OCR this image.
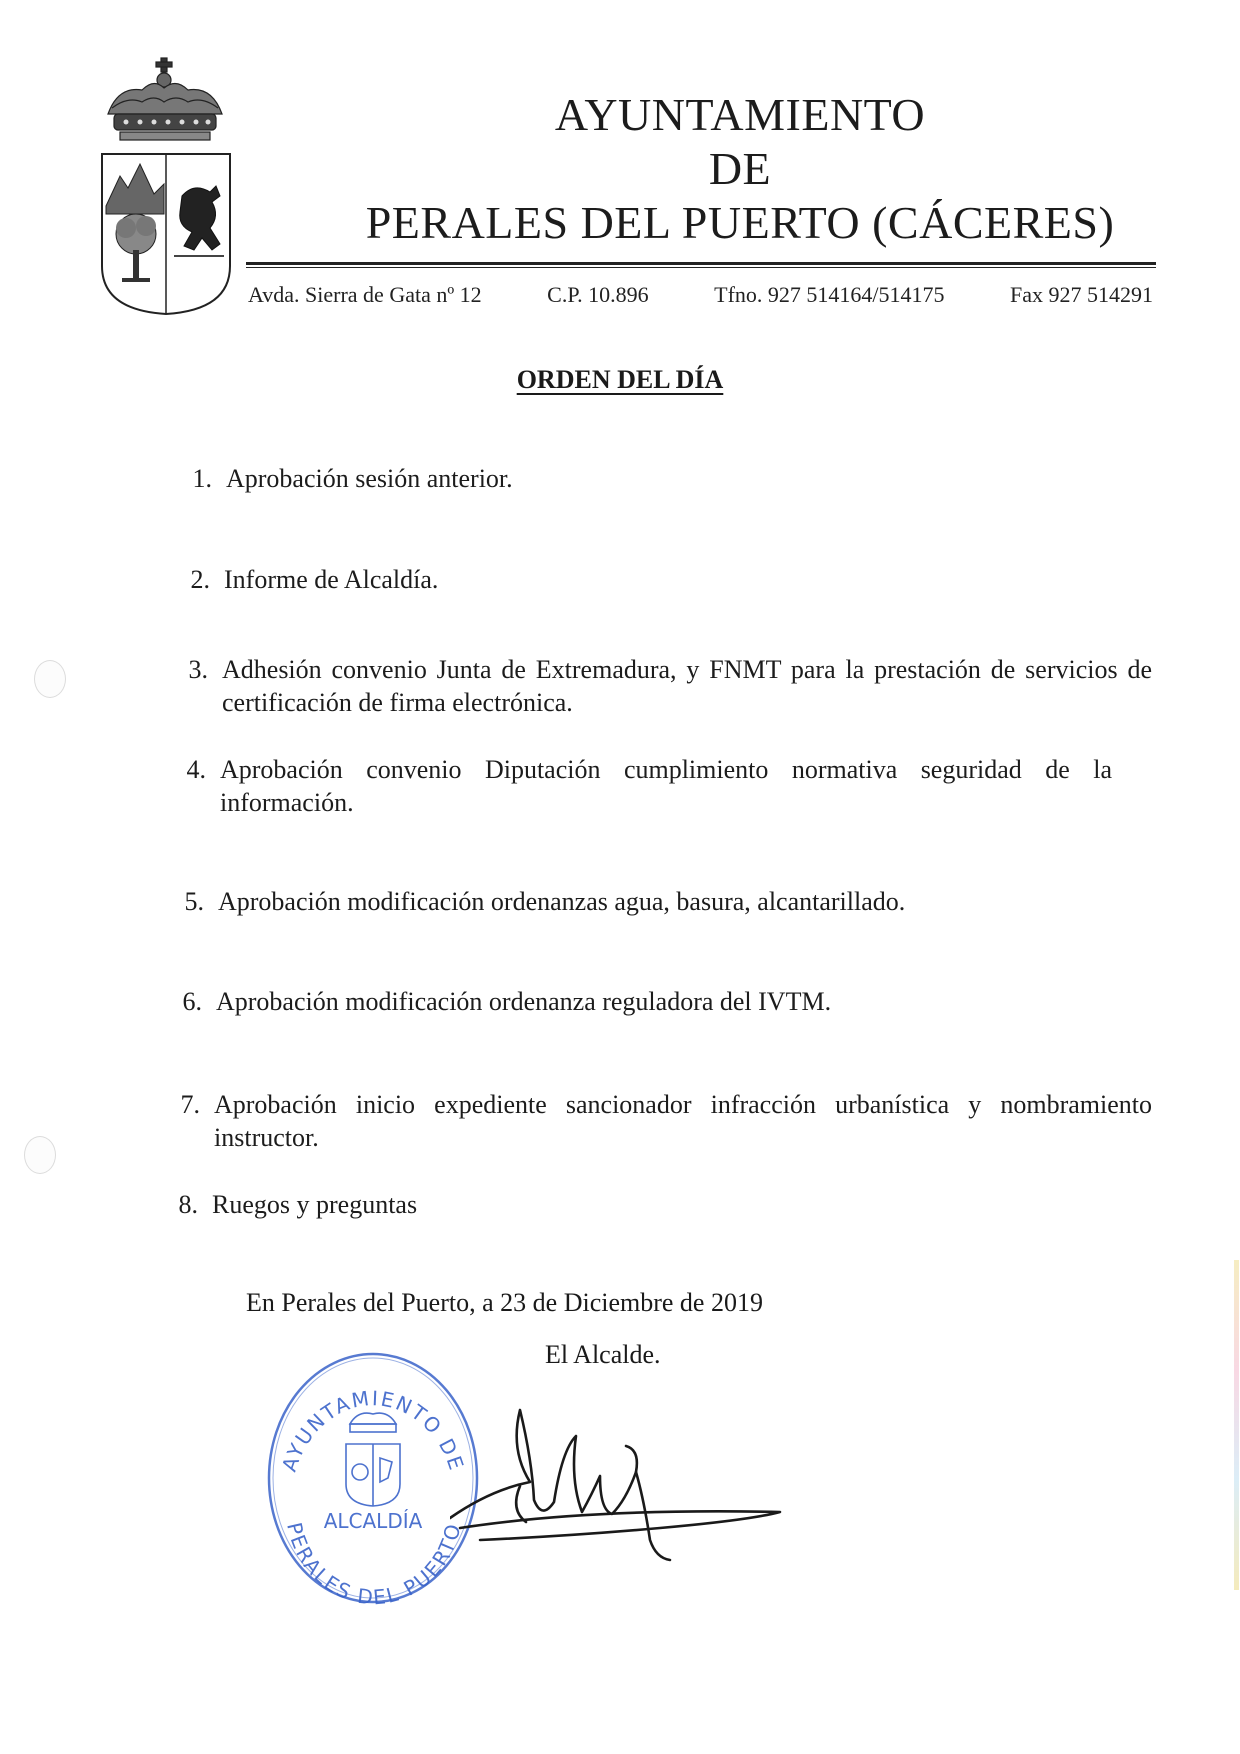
AYUNTAMIENTO
DE
PERALES DEL PUERTO (CÁCERES)
Avda. Sierra de Gata nº 12	C.P. 10.896	Tfno. 927 514164/514175	Fax 927 514291
ORDEN DEL DÍA
1. Aprobación sesión anterior.
2. Informe de Alcaldía.
3. Adhesión convenio Junta de Extremadura, y FNMT para la prestación de servicios de certificación de firma electrónica.
4. Aprobación convenio Diputación cumplimiento normativa seguridad de la información.
5. Aprobación modificación ordenanzas agua, basura, alcantarillado.
6. Aprobación modificación ordenanza reguladora del IVTM.
7. Aprobación inicio expediente sancionador infracción urbanística y nombramiento instructor.
8. Ruegos y preguntas
En Perales del Puerto, a 23 de Diciembre de 2019
El Alcalde.
AYUNTAMIENTO DE
PERALES DEL PUERTO
ALCALDÍA
